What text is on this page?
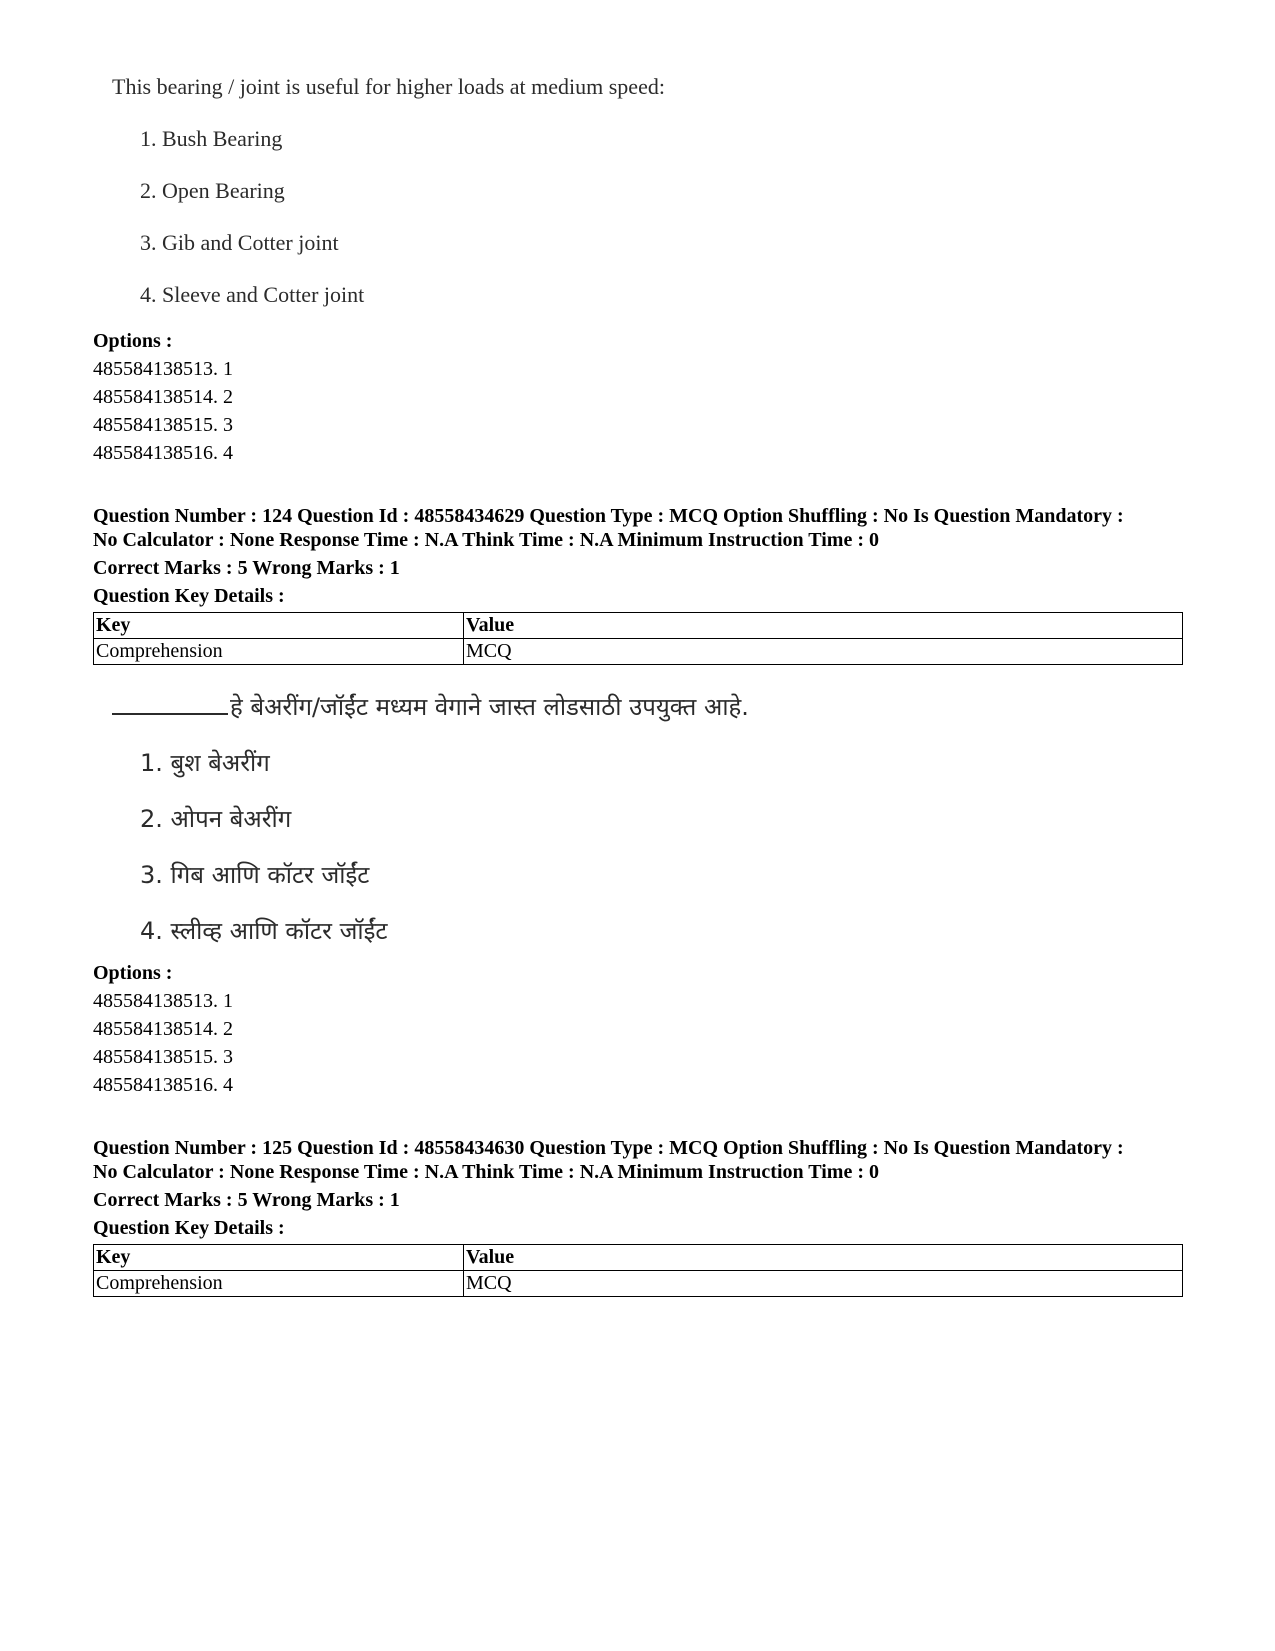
This bearing / joint is useful for higher loads at medium speed:
1. Bush Bearing
2. Open Bearing
3. Gib and Cotter joint
4. Sleeve and Cotter joint
Options :
485584138513. 1
485584138514. 2
485584138515. 3
485584138516. 4
Question Number : 124 Question Id : 48558434629 Question Type : MCQ Option Shuffling : No Is Question Mandatory :
No Calculator : None Response Time : N.A Think Time : N.A Minimum Instruction Time : 0
Correct Marks : 5 Wrong Marks : 1
Question Key Details :
Key	Value
Comprehension	MCQ
हे बेअरींग/जॉईंट मध्यम वेगाने जास्त लोडसाठी उपयुक्त आहे.
1. बुश बेअरींग
2. ओपन बेअरींग
3. गिब आणि कॉटर जॉईंट
4. स्लीव्ह आणि कॉटर जॉईंट
Options :
485584138513. 1
485584138514. 2
485584138515. 3
485584138516. 4
Question Number : 125 Question Id : 48558434630 Question Type : MCQ Option Shuffling : No Is Question Mandatory :
No Calculator : None Response Time : N.A Think Time : N.A Minimum Instruction Time : 0
Correct Marks : 5 Wrong Marks : 1
Question Key Details :
Key	Value
Comprehension	MCQ
